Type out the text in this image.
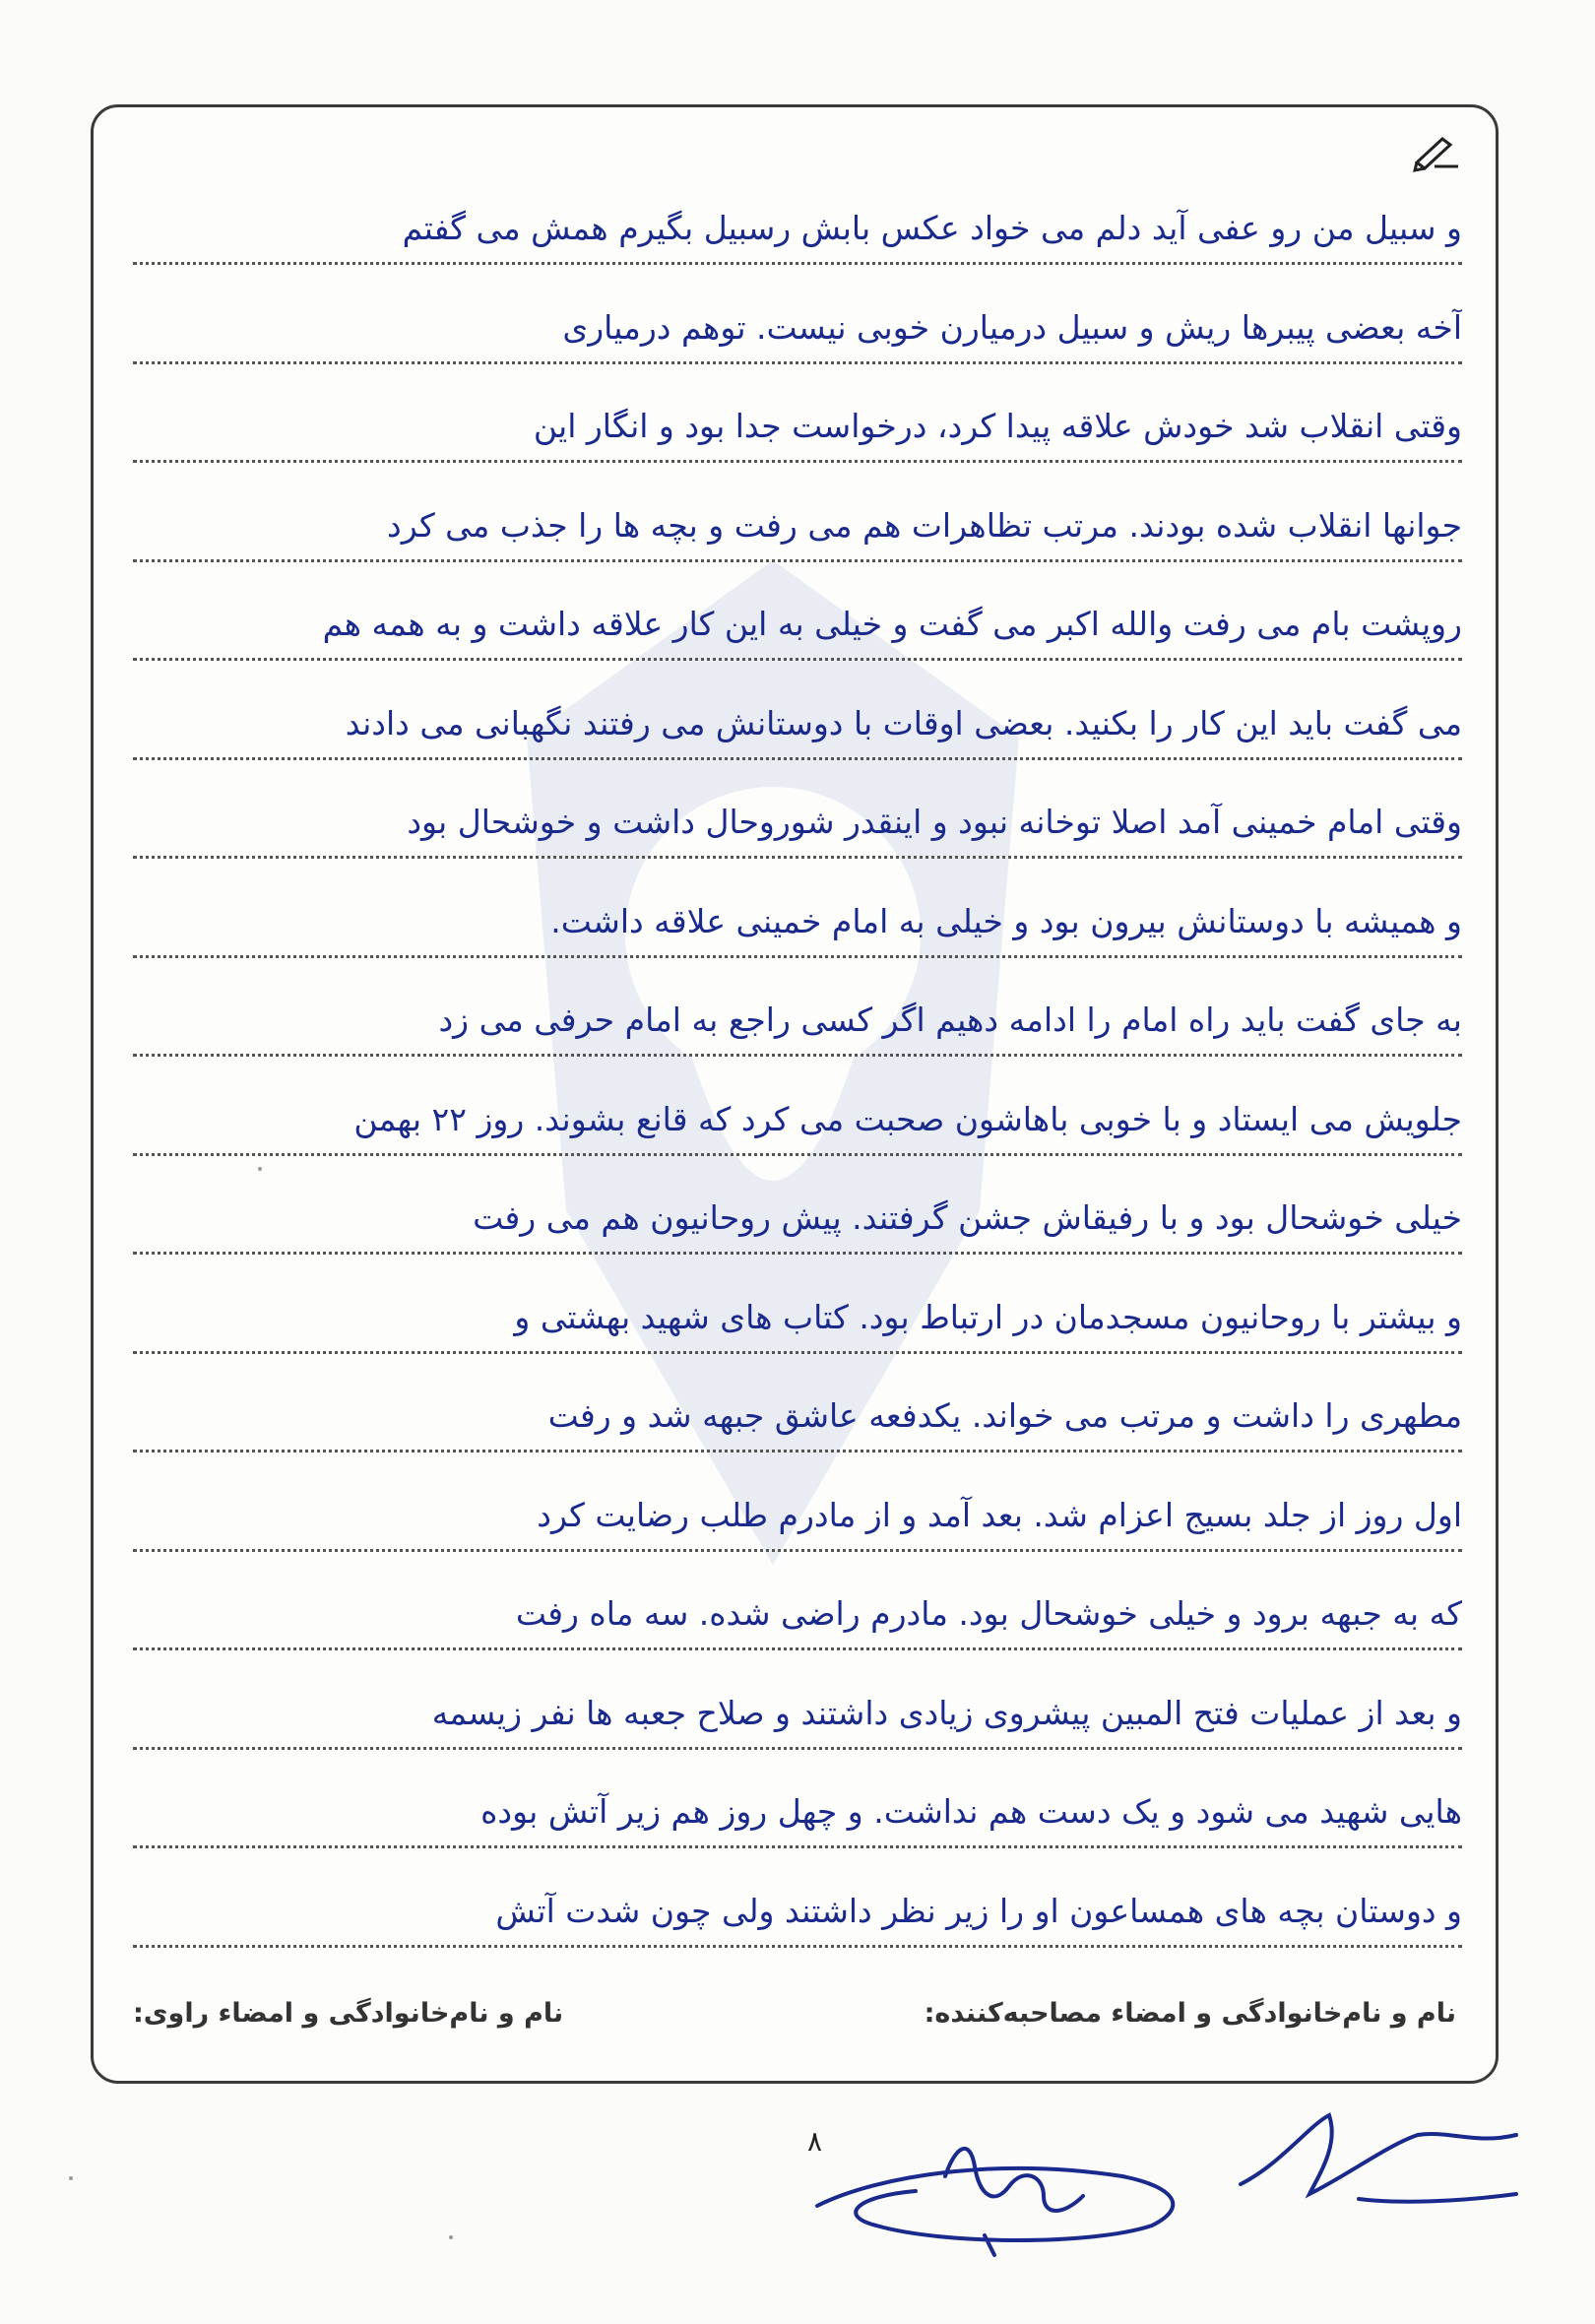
و سبیل من رو عفی آید دلم می خواد عکس بابش رسبیل بگیرم همش می گفتم
آخه بعضی پیبرها ریش و سبیل درمیارن خوبی نیست. توهم درمیاری
وقتی انقلاب شد خودش علاقه پیدا کرد، درخواست جدا بود و انگار این
جوانها انقلاب شده بودند. مرتب تظاهرات هم می رفت و بچه ها را جذب می کرد
روپشت بام می رفت والله اکبر می گفت و خیلی به این کار علاقه داشت و به همه هم
می گفت باید این کار را بکنید. بعضی اوقات با دوستانش می رفتند نگهبانی می دادند
وقتی امام خمینی آمد اصلا توخانه نبود و اینقدر شوروحال داشت و خوشحال بود
و همیشه با دوستانش بیرون بود و خیلی به امام خمینی علاقه داشت.
به جای گفت باید راه امام را ادامه دهیم اگر کسی راجع به امام حرفی می زد
جلویش می ایستاد و با خوبی باهاشون صحبت می کرد که قانع بشوند. روز ۲۲ بهمن
خیلی خوشحال بود و با رفیقاش جشن گرفتند. پیش روحانیون هم می رفت
و بیشتر با روحانیون مسجدمان در ارتباط بود. کتاب های شهید بهشتی و
مطهری را داشت و مرتب می خواند. یکدفعه عاشق جبهه شد و رفت
اول روز از جلد بسیج اعزام شد. بعد آمد و از مادرم طلب رضایت کرد
که به جبهه برود و خیلی خوشحال بود. مادرم راضی شده. سه ماه رفت
و بعد از عملیات فتح المبین پیشروی زیادی داشتند و صلاح جعبه ها نفر زیسمه
هایی شهید می شود و یک دست هم نداشت. و چهل روز هم زیر آتش بوده
و دوستان بچه های همساعون او را زیر نظر داشتند ولی چون شدت آتش
نام و نام‌خانوادگی و امضاء مصاحبه‌کننده:
نام و نام‌خانوادگی و امضاء راوی:
۸
